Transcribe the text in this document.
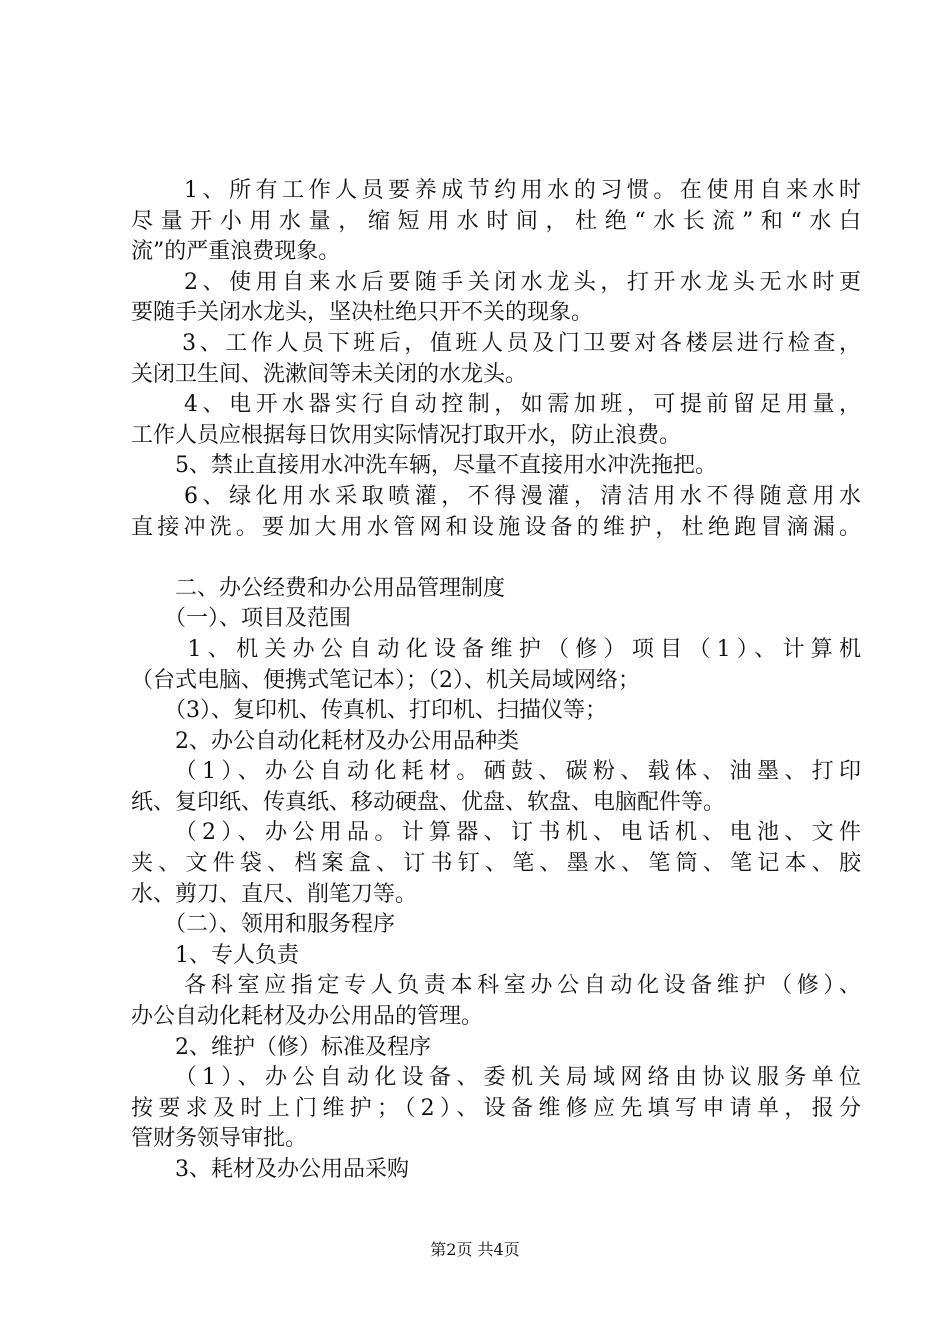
　　1、所有工作人员要养成节约用水的习惯。在使用自来水时
尽量开小用水量，缩短用水时间，杜绝“水长流”和“水白
流”的严重浪费现象。
　　2、使用自来水后要随手关闭水龙头，打开水龙头无水时更
要随手关闭水龙头，坚决杜绝只开不关的现象。
　　3、工作人员下班后，值班人员及门卫要对各楼层进行检查，
关闭卫生间、洗漱间等未关闭的水龙头。
　　4、电开水器实行自动控制，如需加班，可提前留足用量，
工作人员应根据每日饮用实际情况打取开水，防止浪费。
　　5、禁止直接用水冲洗车辆，尽量不直接用水冲洗拖把。
　　6、绿化用水采取喷灌，不得漫灌，清洁用水不得随意用水
直接冲洗。要加大用水管网和设施设备的维护，杜绝跑冒滴漏。
　　二、办公经费和办公用品管理制度
　　（一）、项目及范围
　　1、机关办公自动化设备维护（修）项目（1）、计算机
（台式电脑、便携式笔记本）；（2）、机关局域网络；
　　（3）、复印机、传真机、打印机、扫描仪等；
　　2、办公自动化耗材及办公用品种类
　　（1）、办公自动化耗材。硒鼓、碳粉、载体、油墨、打印
纸、复印纸、传真纸、移动硬盘、优盘、软盘、电脑配件等。
　　（2）、办公用品。计算器、订书机、电话机、电池、文件
夹、文件袋、档案盒、订书钉、笔、墨水、笔筒、笔记本、胶
水、剪刀、直尺、削笔刀等。
　　（二）、领用和服务程序
　　1、专人负责
　　各科室应指定专人负责本科室办公自动化设备维护（修）、
办公自动化耗材及办公用品的管理。
　　2、维护（修）标准及程序
　　（1）、办公自动化设备、委机关局域网络由协议服务单位
按要求及时上门维护；（2）、设备维修应先填写申请单，报分
管财务领导审批。
　　3、耗材及办公用品采购
第2页 共4页
